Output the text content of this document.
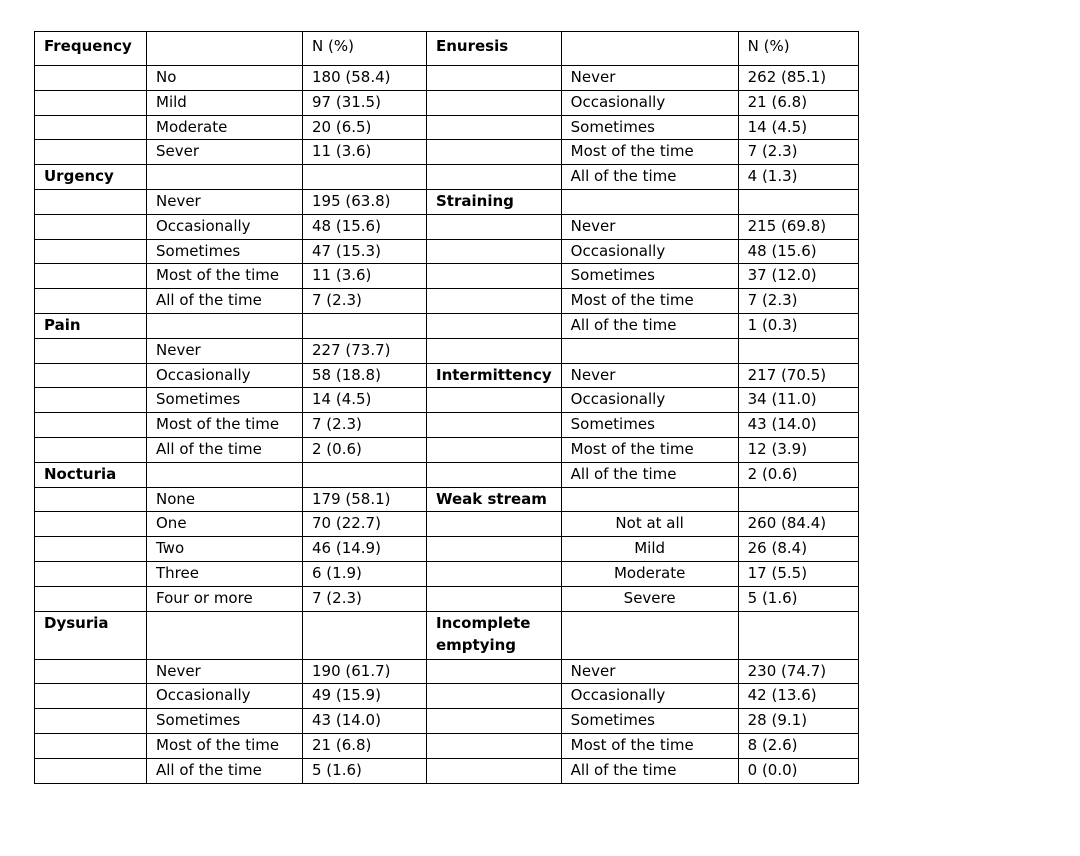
Frequency		N (%)	Enuresis		N (%)
	No	180 (58.4)		Never	262 (85.1)
	Mild	97 (31.5)		Occasionally	21 (6.8)
	Moderate	20 (6.5)		Sometimes	14 (4.5)
	Sever	11 (3.6)		Most of the time	7 (2.3)
Urgency				All of the time	4 (1.3)
	Never	195 (63.8)	Straining		
	Occasionally	48 (15.6)		Never	215 (69.8)
	Sometimes	47 (15.3)		Occasionally	48 (15.6)
	Most of the time	11 (3.6)		Sometimes	37 (12.0)
	All of the time	7 (2.3)		Most of the time	7 (2.3)
Pain				All of the time	1 (0.3)
	Never	227 (73.7)			
	Occasionally	58 (18.8)	Intermittency	Never	217 (70.5)
	Sometimes	14 (4.5)		Occasionally	34 (11.0)
	Most of the time	7 (2.3)		Sometimes	43 (14.0)
	All of the time	2 (0.6)		Most of the time	12 (3.9)
Nocturia				All of the time	2 (0.6)
	None	179 (58.1)	Weak stream		
	One	70 (22.7)		Not at all	260 (84.4)
	Two	46 (14.9)		Mild	26 (8.4)
	Three	6 (1.9)		Moderate	17 (5.5)
	Four or more	7 (2.3)		Severe	5 (1.6)
Dysuria			Incomplete emptying		
	Never	190 (61.7)		Never	230 (74.7)
	Occasionally	49 (15.9)		Occasionally	42 (13.6)
	Sometimes	43 (14.0)		Sometimes	28 (9.1)
	Most of the time	21 (6.8)		Most of the time	8 (2.6)
	All of the time	5 (1.6)		All of the time	0 (0.0)
